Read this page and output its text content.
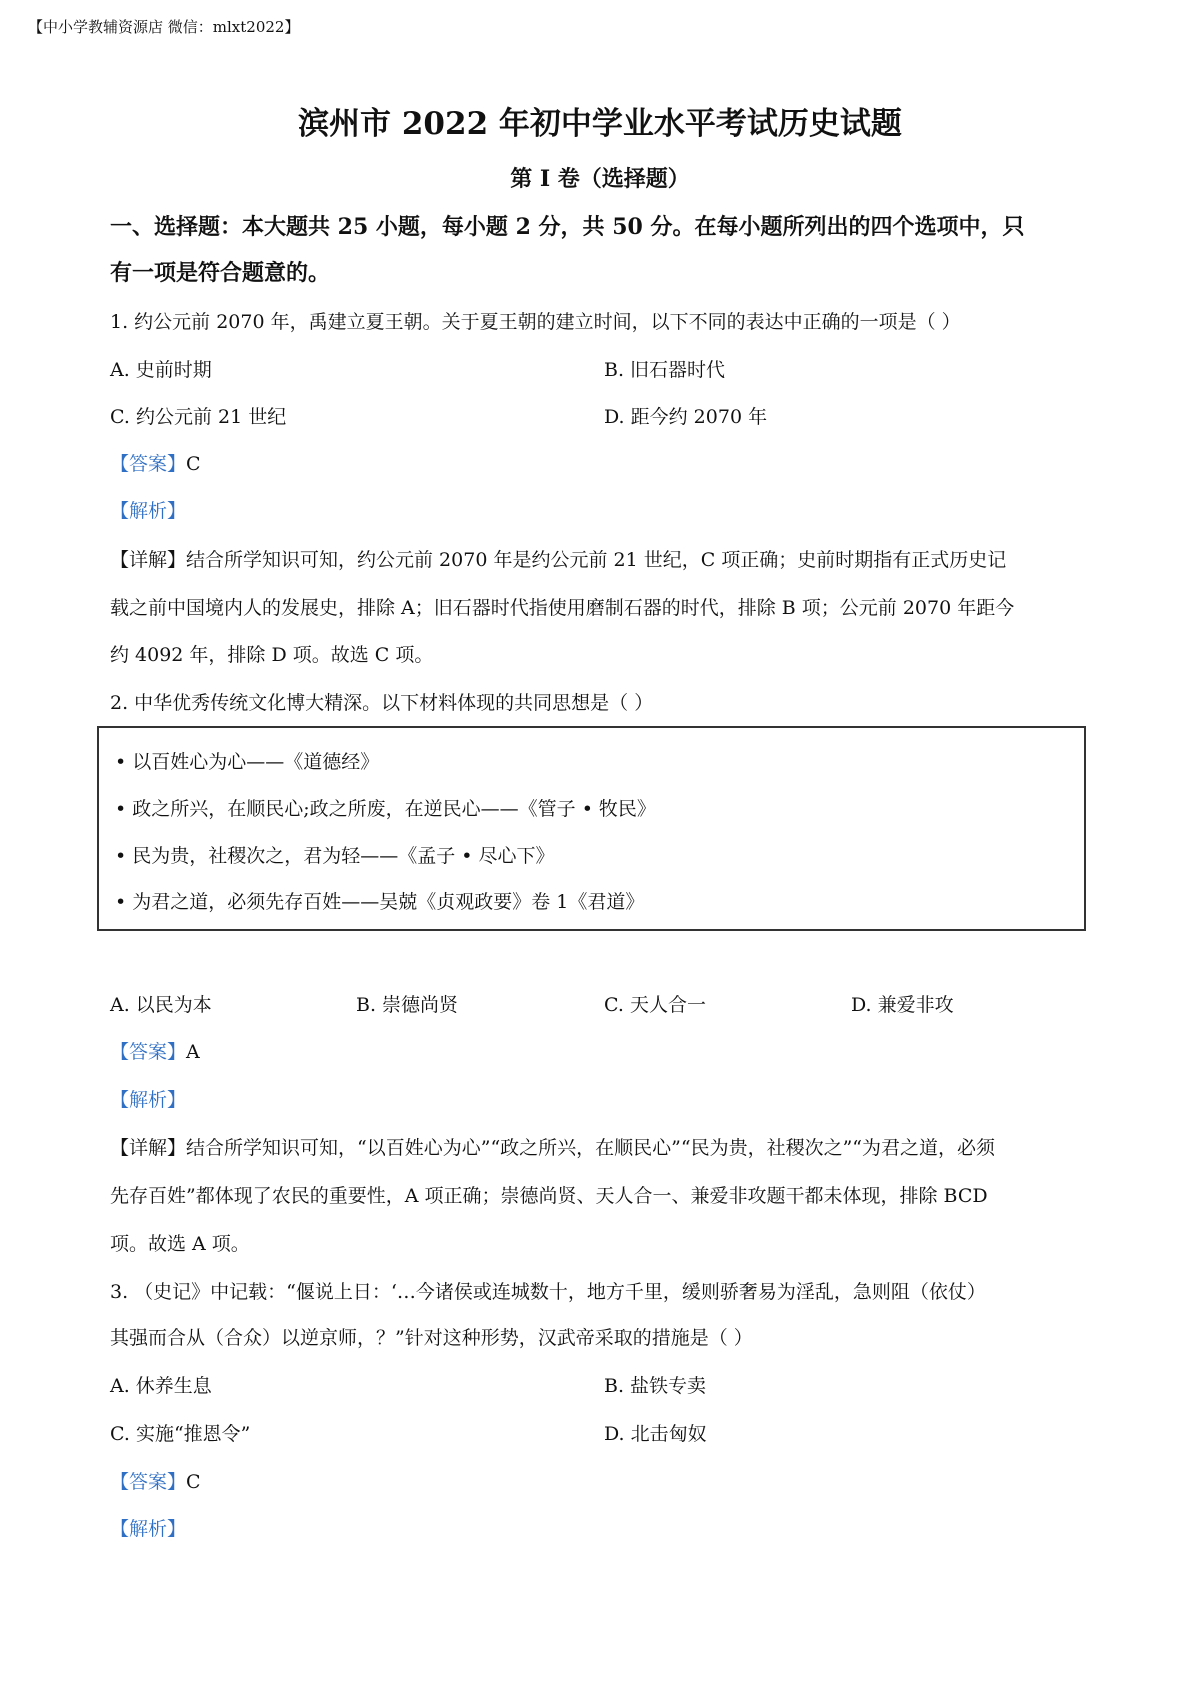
【中小学教辅资源店 微信：mlxt2022】
滨州市 2022 年初中学业水平考试历史试题
第 I 卷（选择题）
一、选择题：本大题共 25 小题，每小题 2 分，共 50 分。在每小题所列出的四个选项中，只
有一项是符合题意的。
1. 约公元前 2070 年，禹建立夏王朝。关于夏王朝的建立时间，以下不同的表达中正确的一项是（ ）
A. 史前时期	B. 旧石器时代
C. 约公元前 21 世纪	D. 距今约 2070 年
【答案】C
【解析】
【详解】结合所学知识可知，约公元前 2070 年是约公元前 21 世纪，C 项正确；史前时期指有正式历史记
载之前中国境内人的发展史，排除 A；旧石器时代指使用磨制石器的时代，排除 B 项；公元前 2070 年距今
约 4092 年，排除 D 项。故选 C 项。
2. 中华优秀传统文化博大精深。以下材料体现的共同思想是（ ）
• 以百姓心为心——《道德经》
• 政之所兴，在顺民心;政之所废，在逆民心——《管子 • 牧民》
• 民为贵，社稷次之，君为轻——《孟子 • 尽心下》
• 为君之道，必须先存百姓——吴兢《贞观政要》卷 1《君道》
A. 以民为本	B. 崇德尚贤	C. 天人合一	D. 兼爱非攻
【答案】A
【解析】
【详解】结合所学知识可知，“以百姓心为心”“政之所兴，在顺民心”“民为贵，社稷次之”“为君之道，必须
先存百姓”都体现了农民的重要性，A 项正确；崇德尚贤、天人合一、兼爱非攻题干都未体现，排除 BCD
项。故选 A 项。
3. （史记》中记载：“偃说上日：‘…今诸侯或连城数十，地方千里，缓则骄奢易为淫乱，急则阻（依仗）
其强而合从（合众）以逆京师，？”针对这种形势，汉武帝采取的措施是（ ）
A. 休养生息	B. 盐铁专卖
C. 实施“推恩令”	D. 北击匈奴
【答案】C
【解析】
